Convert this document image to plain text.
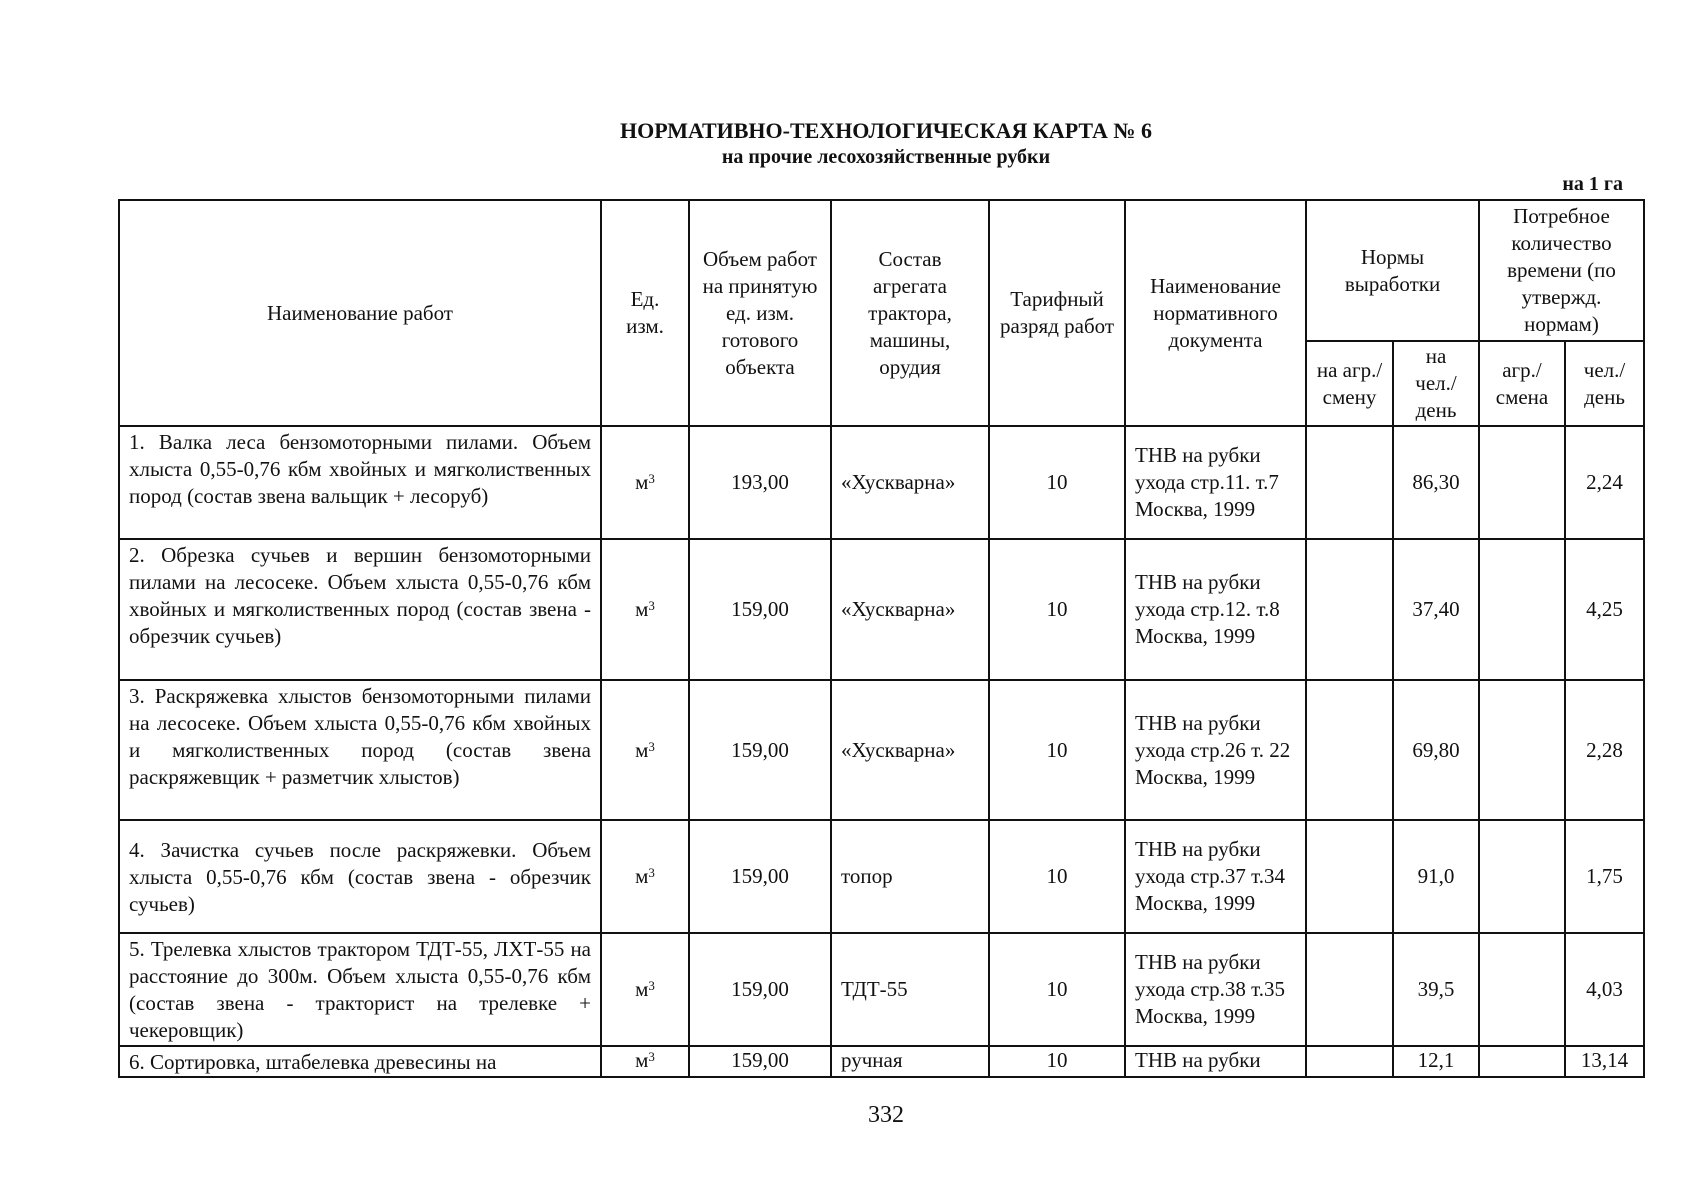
НОРМАТИВНО-ТЕХНОЛОГИЧЕСКАЯ КАРТА № 6
на прочие лесохозяйственные рубки
на 1 га
Наименование работ	Ед. изм.	Объем работ на принятую ед. изм. готового объекта	Состав агрегата трактора, машины, орудия	Тарифный разряд работ	Наименование нормативного документа	Нормы выработки		Потребное количество времени (по утвержд. нормам)	
						на агр./ смену	на чел./ день	агр./ смена	чел./ день
1. Валка леса бензомоторными пилами. Объем хлыста 0,55-0,76 кбм хвойных и мягколиственных пород (состав звена вальщик + лесоруб)	$м^3$	193,00	«Хускварна»	10	ТНВ на рубки ухода стр.11. т.7 Москва, 1999		86,30		2,24
2. Обрезка сучьев и вершин бензомоторными пилами на лесосеке. Объем хлыста 0,55-0,76 кбм хвойных и мягколиственных пород (состав звена - обрезчик сучьев)	$м^3$	159,00	«Хускварна»	10	ТНВ на рубки ухода стр.12. т.8 Москва, 1999		37,40		4,25
3. Раскряжевка хлыстов бензомоторными пилами на лесосеке. Объем хлыста 0,55-0,76 кбм хвойных и мягколиственных пород (состав звена раскряжевщик + разметчик хлыстов)	$м^3$	159,00	«Хускварна»	10	ТНВ на рубки ухода стр.26 т. 22 Москва, 1999		69,80		2,28
4. Зачистка сучьев после раскряжевки. Объем хлыста 0,55-0,76 кбм (состав звена - обрезчик сучьев)	$м^3$	159,00	топор	10	ТНВ на рубки ухода стр.37 т.34 Москва, 1999		91,0		1,75
5. Трелевка хлыстов трактором ТДТ-55, ЛХТ-55 на расстояние до 300м. Объем хлыста 0,55-0,76 кбм (состав звена - тракторист на трелевке + чекеровщик)	$м^3$	159,00	ТДТ-55	10	ТНВ на рубки ухода стр.38 т.35 Москва, 1999		39,5		4,03
6. Сортировка, штабелевка древесины на	$м^3$	159,00	ручная	10	ТНВ на рубки		12,1		13,14
332
